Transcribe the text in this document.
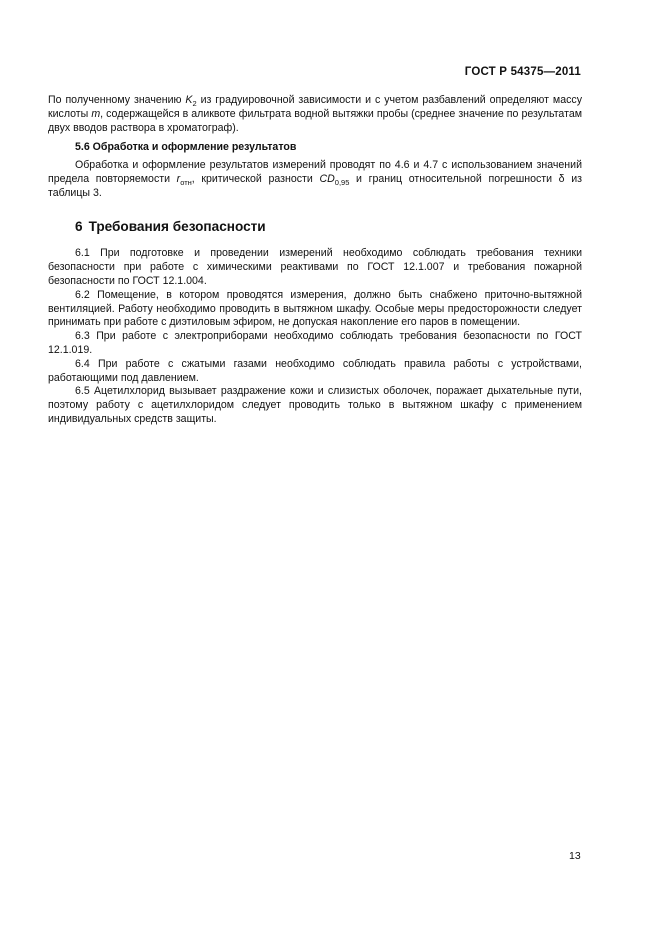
ГОСТ Р 54375—2011

По полученному значению $K_2$ из градуировочной зависимости и с учетом разбавлений определяют массу кислоты m, содержащейся в аликвоте фильтрата водной вытяжки пробы (среднее значение по результатам двух вводов раствора в хроматограф).

5.6 Обработка и оформление результатов

Обработка и оформление результатов измерений проводят по 4.6 и 4.7 с использованием значений предела повторяемости $r_{отн}$, критической разности $CD_{0,95}$ и границ относительной погрешности δ из таблицы 3.

6 Требования безопасности

6.1 При подготовке и проведении измерений необходимо соблюдать требования техники безопасности при работе с химическими реактивами по ГОСТ 12.1.007 и требования пожарной безопасности по ГОСТ 12.1.004.

6.2 Помещение, в котором проводятся измерения, должно быть снабжено приточно-вытяжной вентиляцией. Работу необходимо проводить в вытяжном шкафу. Особые меры предосторожности следует принимать при работе с диэтиловым эфиром, не допуская накопление его паров в помещении.

6.3 При работе с электроприборами необходимо соблюдать требования безопасности по ГОСТ 12.1.019.

6.4 При работе с сжатыми газами необходимо соблюдать правила работы с устройствами, работающими под давлением.

6.5 Ацетилхлорид вызывает раздражение кожи и слизистых оболочек, поражает дыхательные пути, поэтому работу с ацетилхлоридом следует проводить только в вытяжном шкафу с применением индивидуальных средств защиты.

13
